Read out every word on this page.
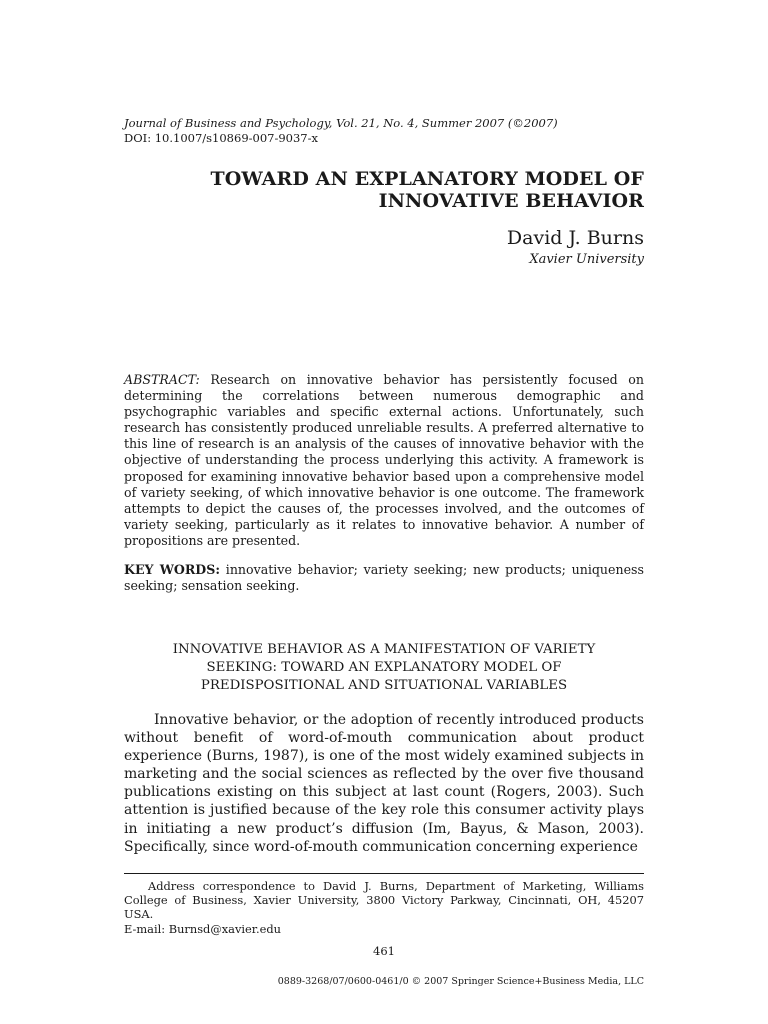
Journal of Business and Psychology, Vol. 21, No. 4, Summer 2007 (©2007)
DOI: 10.1007/s10869-007-9037-x
TOWARD AN EXPLANATORY MODEL OF
INNOVATIVE BEHAVIOR
David J. Burns
Xavier University
ABSTRACT: Research on innovative behavior has persistently focused on determining the correlations between numerous demographic and psychographic variables and specific external actions. Unfortunately, such research has consistently produced unreliable results. A preferred alternative to this line of research is an analysis of the causes of innovative behavior with the objective of understanding the process underlying this activity. A framework is proposed for examining innovative behavior based upon a comprehensive model of variety seeking, of which innovative behavior is one outcome. The framework attempts to depict the causes of, the processes involved, and the outcomes of variety seeking, particularly as it relates to innovative behavior. A number of propositions are presented.
KEY WORDS: innovative behavior; variety seeking; new products; uniqueness seeking; sensation seeking.
INNOVATIVE BEHAVIOR AS A MANIFESTATION OF VARIETY
SEEKING: TOWARD AN EXPLANATORY MODEL OF
PREDISPOSITIONAL AND SITUATIONAL VARIABLES
Innovative behavior, or the adoption of recently introduced products without benefit of word-of-mouth communication about product experience (Burns, 1987), is one of the most widely examined subjects in marketing and the social sciences as reflected by the over five thousand publications existing on this subject at last count (Rogers, 2003). Such attention is justified because of the key role this consumer activity plays in initiating a new product’s diffusion (Im, Bayus, & Mason, 2003). Specifically, since word-of-mouth communication concerning experience
Address correspondence to David J. Burns, Department of Marketing, Williams College of Business, Xavier University, 3800 Victory Parkway, Cincinnati, OH, 45207 USA.
E-mail: Burnsd@xavier.edu
461
0889-3268/07/0600-0461/0 © 2007 Springer Science+Business Media, LLC
